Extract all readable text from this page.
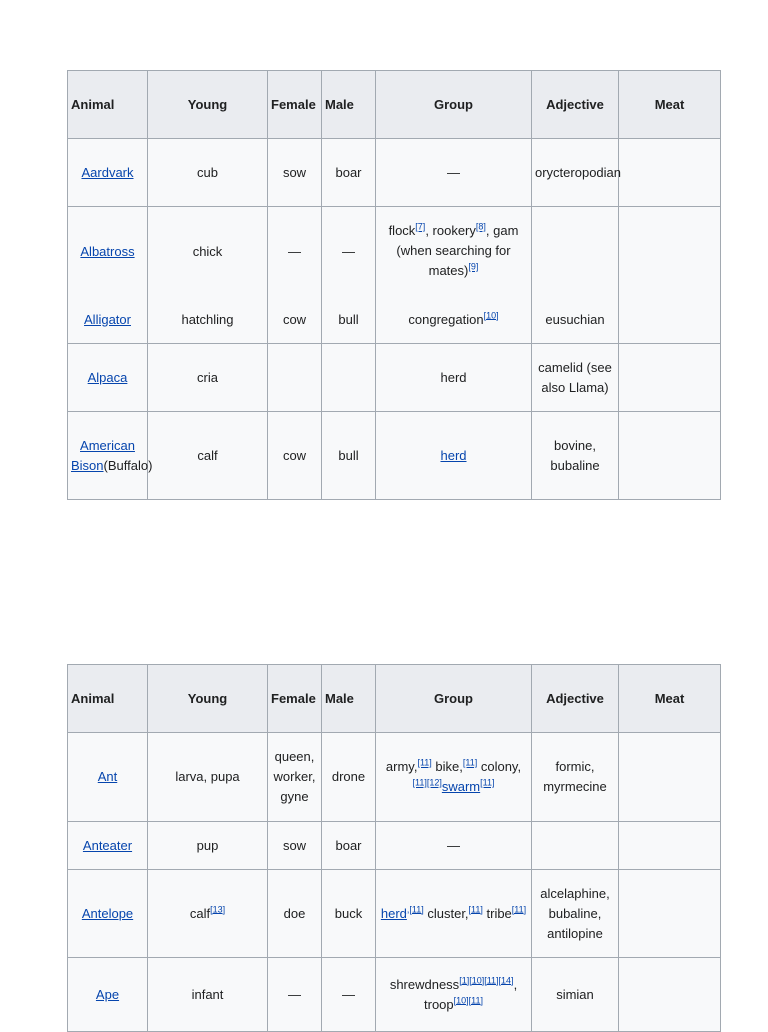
Animal	Young	Female	Male	Group	Adjective	Meat
Aardvark	cub	sow	boar	—	orycteropodian	
Albatross	chick	—	—	flock[7], rookery[8], gam (when searching for mates)[9]		
Alligator	hatchling	cow	bull	congregation[10]	eusuchian	
Alpaca	cria			herd	camelid (see also Llama)	
American Bison(Buffalo)	calf	cow	bull	herd	bovine, bubaline	
Animal	Young	Female	Male	Group	Adjective	Meat
Ant	larva, pupa	queen, worker, gyne	drone	army,[11] bike,[11] colony,[11][12]swarm[11]	formic, myrmecine	
Anteater	pup	sow	boar	—		
Antelope	calf[13]	doe	buck	herd$^{,[11]}$ cluster,[11] tribe[11]	alcelaphine, bubaline, antilopine	
Ape	infant	—	—	shrewdness[1][10][11][14], troop[10][11]	simian	
